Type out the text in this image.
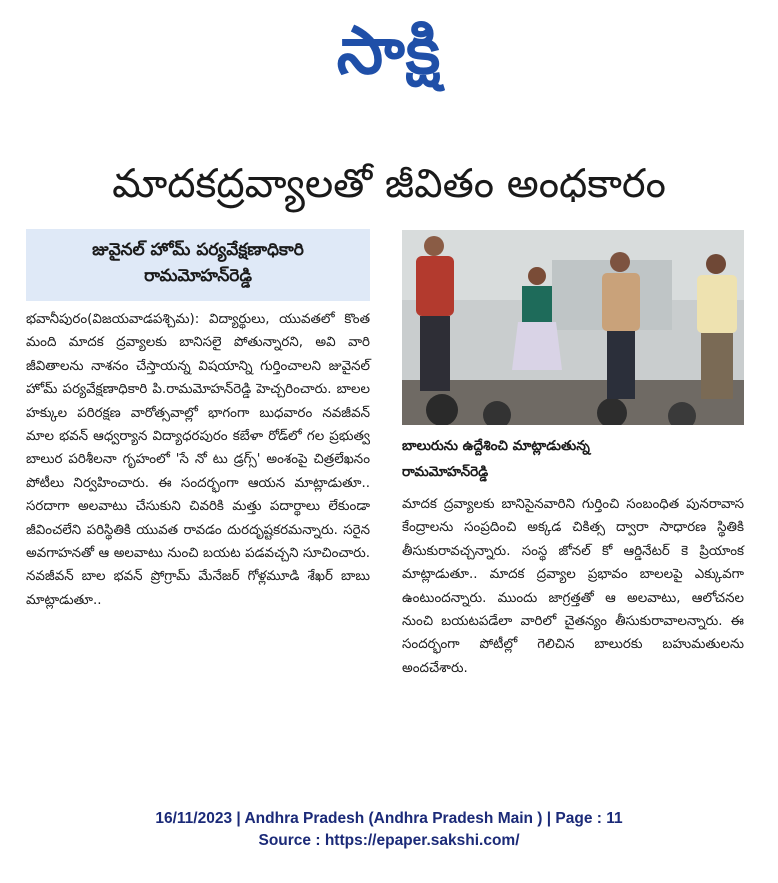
సాక్షి
మాదకద్రవ్యాలతో జీవితం అంధకారం
జువైనల్ హోమ్ పర్యవేక్షణాధికారి
రామమోహన్‌రెడ్డి

భవానీపురం(విజయవాడపశ్చిమ): విద్యార్థులు, యువతలో కొంత మంది మాదక ద్రవ్యాలకు బానిసలై పోతున్నారని, అవి వారి జీవితాలను నాశనం చేస్తాయన్న విషయాన్ని గుర్తించాలని జువైనల్ హోమ్ పర్యవేక్షణాధికారి పి.రామమోహన్‌రెడ్డి హెచ్చరించారు. బాలల హక్కుల పరిరక్షణ వారోత్సవాల్లో భాగంగా బుధవారం నవజీవన్ మాల భవన్ ఆధ్వర్యాన విద్యాధరపురం కబేళా రోడ్‌లో గల ప్రభుత్వ బాలుర పరిశీలనా గృహంలో 'సే నో టు డ్రగ్స్' అంశంపై చిత్రలేఖనం పోటీలు నిర్వహించారు. ఈ సందర్భంగా ఆయన మాట్లాడుతూ.. సరదాగా అలవాటు చేసుకుని చివరికి మత్తు పదార్థాలు లేకుండా జీవించలేని పరిస్థితికి యువత రావడం దురదృష్టకరమన్నారు. సరైన అవగాహనతో ఆ అలవాటు నుంచి బయట పడవచ్చని సూచించారు. నవజీవన్ బాల భవన్ ప్రోగ్రామ్ మేనేజర్ గోళ్లమూడి శేఖర్ బాబు మాట్లాడుతూ..

బాలురును ఉద్దేశించి మాట్లాడుతున్న
రామమోహన్‌రెడ్డి

మాదక ద్రవ్యాలకు బానిసైనవారిని గుర్తించి సంబంధిత పునరావాస కేంద్రాలను సంప్రదించి అక్కడ చికిత్స ద్వారా సాధారణ స్థితికి తీసుకురావచ్చన్నారు. సంస్థ జోనల్ కో ఆర్డినేటర్ కె ప్రియాంక మాట్లాడుతూ.. మాదక ద్రవ్యాల ప్రభావం బాలలపై ఎక్కువగా ఉంటుందన్నారు. ముందు జాగ్రత్తతో ఆ అలవాటు, ఆలోచనల నుంచి బయటపడేలా వారిలో చైతన్యం తీసుకురావాలన్నారు. ఈ సందర్భంగా పోటీల్లో గెలిచిన బాలురకు బహుమతులను అందచేశారు.

16/11/2023 | Andhra Pradesh (Andhra Pradesh Main ) | Page : 11
Source : https://epaper.sakshi.com/
